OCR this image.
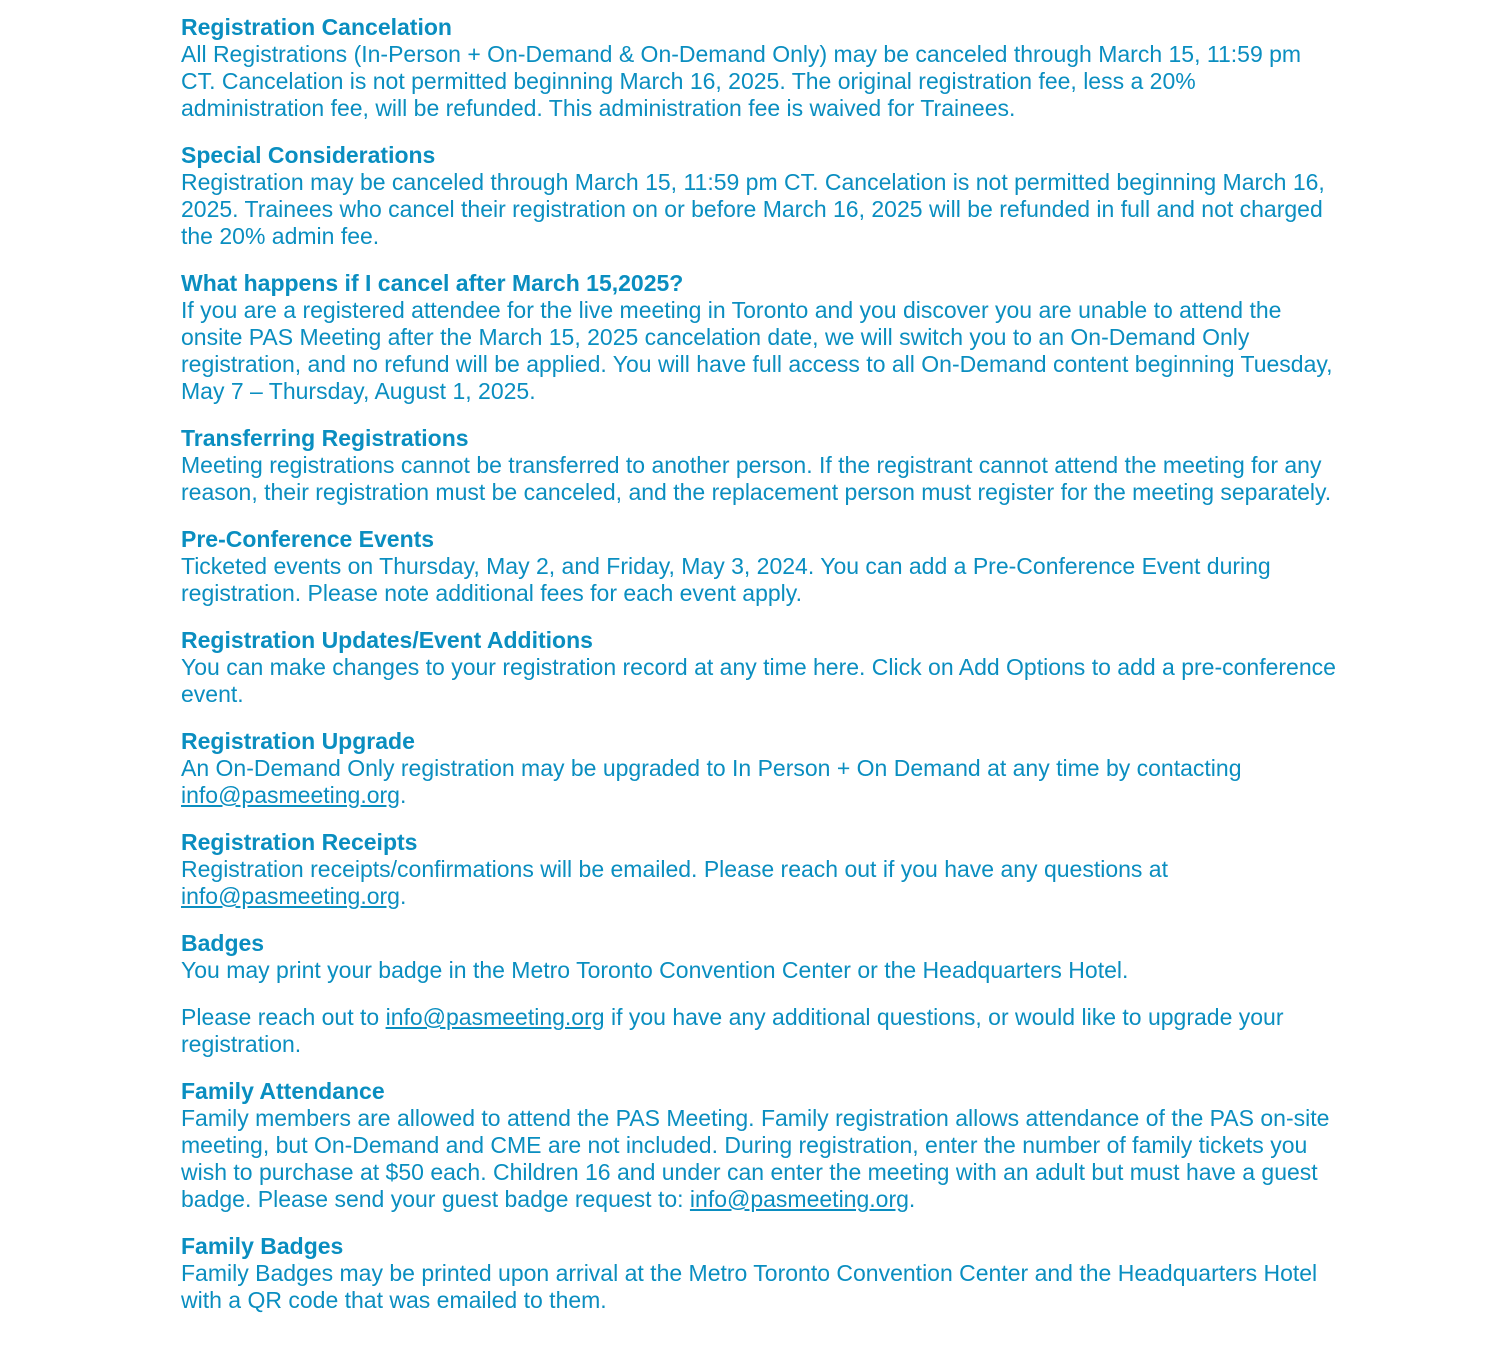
Registration Cancelation
All Registrations (In-Person + On-Demand & On-Demand Only) may be canceled through March 15, 11:59 pm CT. Cancelation is not permitted beginning March 16, 2025. The original registration fee, less a 20% administration fee, will be refunded. This administration fee is waived for Trainees.
Special Considerations
Registration may be canceled through March 15, 11:59 pm CT. Cancelation is not permitted beginning March 16, 2025. Trainees who cancel their registration on or before March 16, 2025 will be refunded in full and not charged the 20% admin fee.
What happens if I cancel after March 15,2025?
If you are a registered attendee for the live meeting in Toronto and you discover you are unable to attend the onsite PAS Meeting after the March 15, 2025 cancelation date, we will switch you to an On-Demand Only registration, and no refund will be applied. You will have full access to all On-Demand content beginning Tuesday, May 7 – Thursday, August 1, 2025.
Transferring Registrations
Meeting registrations cannot be transferred to another person. If the registrant cannot attend the meeting for any reason, their registration must be canceled, and the replacement person must register for the meeting separately.
Pre-Conference Events
Ticketed events on Thursday, May 2, and Friday, May 3, 2024. You can add a Pre-Conference Event during registration. Please note additional fees for each event apply.
Registration Updates/Event Additions
You can make changes to your registration record at any time here. Click on Add Options to add a pre-conference event.
Registration Upgrade
An On-Demand Only registration may be upgraded to In Person + On Demand at any time by contacting info@pasmeeting.org.
Registration Receipts
Registration receipts/confirmations will be emailed. Please reach out if you have any questions at info@pasmeeting.org.
Badges
You may print your badge in the Metro Toronto Convention Center or the Headquarters Hotel.
Please reach out to info@pasmeeting.org if you have any additional questions, or would like to upgrade your registration.
Family Attendance
Family members are allowed to attend the PAS Meeting. Family registration allows attendance of the PAS on-site meeting, but On-Demand and CME are not included. During registration, enter the number of family tickets you wish to purchase at $50 each. Children 16 and under can enter the meeting with an adult but must have a guest badge. Please send your guest badge request to: info@pasmeeting.org.
Family Badges
Family Badges may be printed upon arrival at the Metro Toronto Convention Center and the Headquarters Hotel with a QR code that was emailed to them.
